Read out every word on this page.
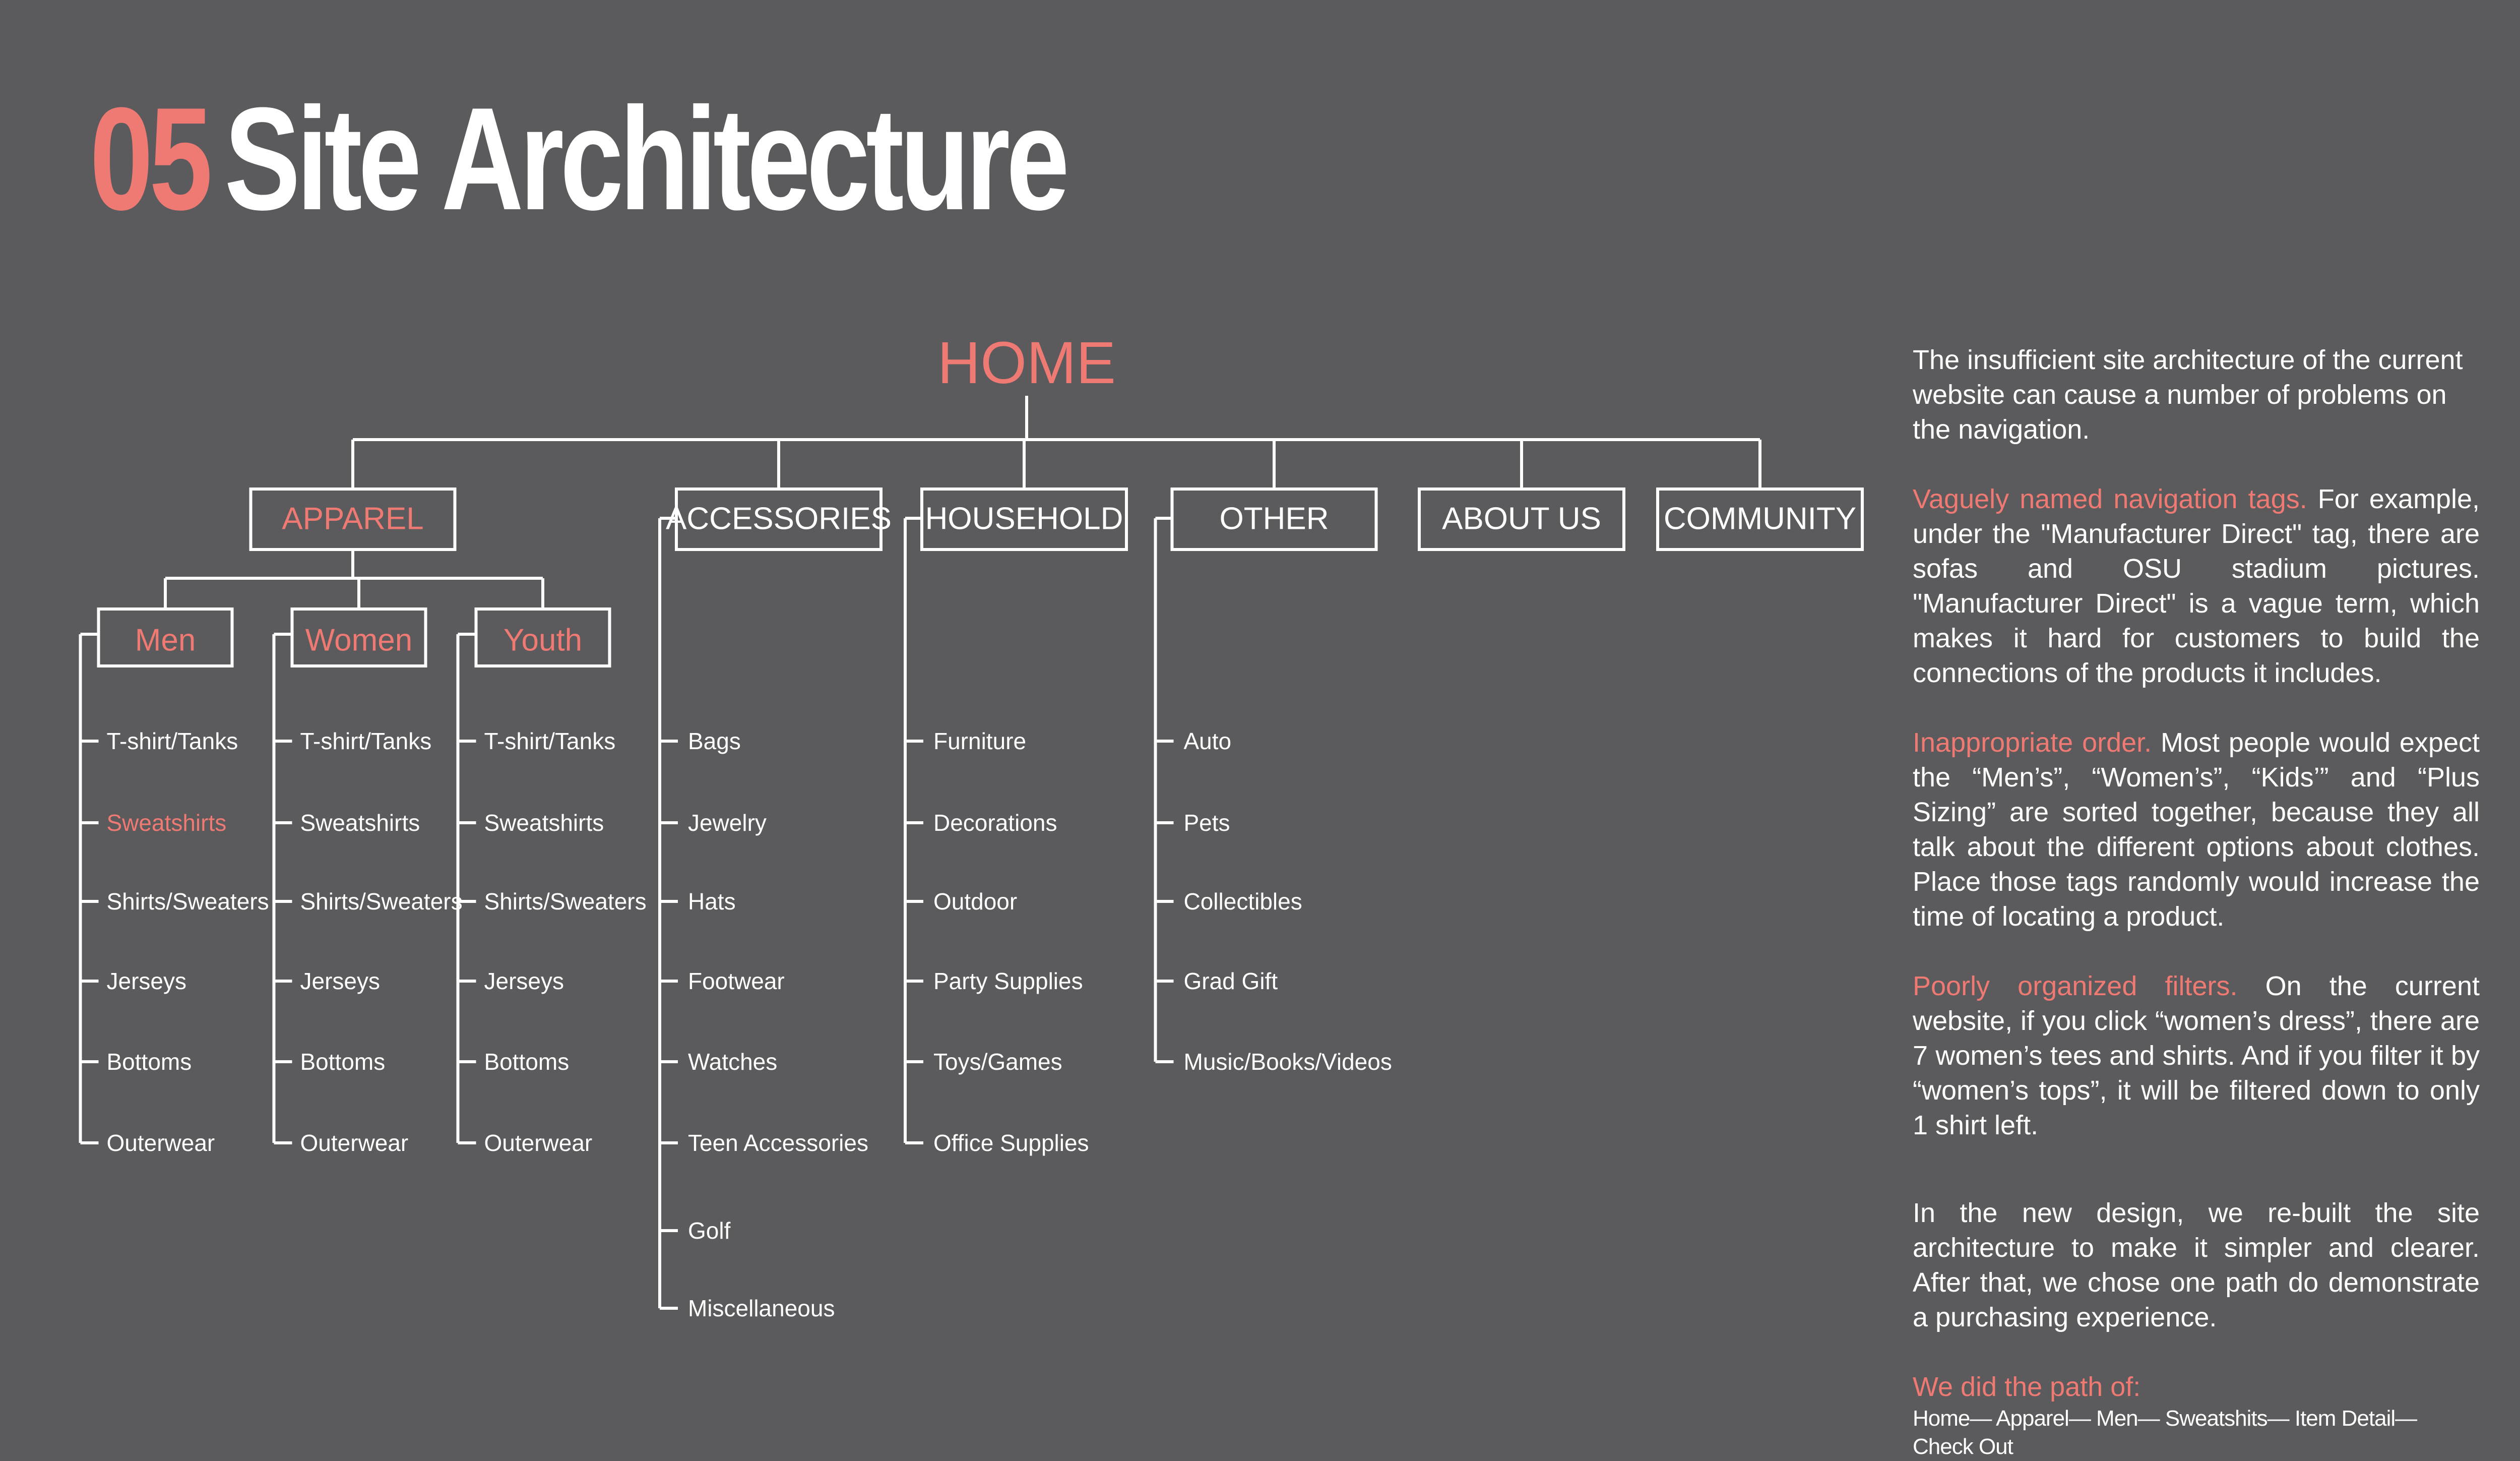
05 Site Architecture
HOME
APPAREL	ACCESSORIES HOUSEHOLD	OTHER	ABOUT US COMMUNITY
Men
T-shirt/Tanks
Sweatshirts
Shirts/Sweaters
Jerseys
Bottoms
Outerwear
Women
T-shirt/Tanks
Sweatshirts
Shirts/Sweaters
Jerseys
Bottoms
Outerwear
Youth
T-shirt/Tanks
Sweatshirts
Shirts/Sweaters
Jerseys
Bottoms
Outerwear
Bags
Jewelry
Hats
Footwear
Watches
Teen Accessories
Golf
Miscellaneous
Furniture
Decorations
Outdoor
Party Supplies
Toys/Games
Office Supplies
Auto
Pets
Collectibles
Grad Gift
Music/Books/Videos

The insufficient site architecture of the current website can cause a number of problems on the navigation.

Vaguely named navigation tags. For example, under the "Manufacturer Direct" tag, there are sofas and OSU stadium pictures. "Manufacturer Direct" is a vague term, which makes it hard for customers to build the connections of the products it includes.

Inappropriate order. Most people would expect the “Men’s”, “Women’s”, “Kids’” and “Plus Sizing” are sorted together, because they all talk about the different options about clothes. Place those tags randomly would increase the time of locating a product.

Poorly organized filters. On the current website, if you click “women’s dress”, there are 7 women’s tees and shirts. And if you filter it by “women’s tops”, it will be filtered down to only 1 shirt left.

In the new design, we re-built the site architecture to make it simpler and clearer. After that, we chose one path do demonstrate a purchasing experience.

We did the path of:

Home— Apparel— Men— Sweatshits— Item Detail— Check Out
